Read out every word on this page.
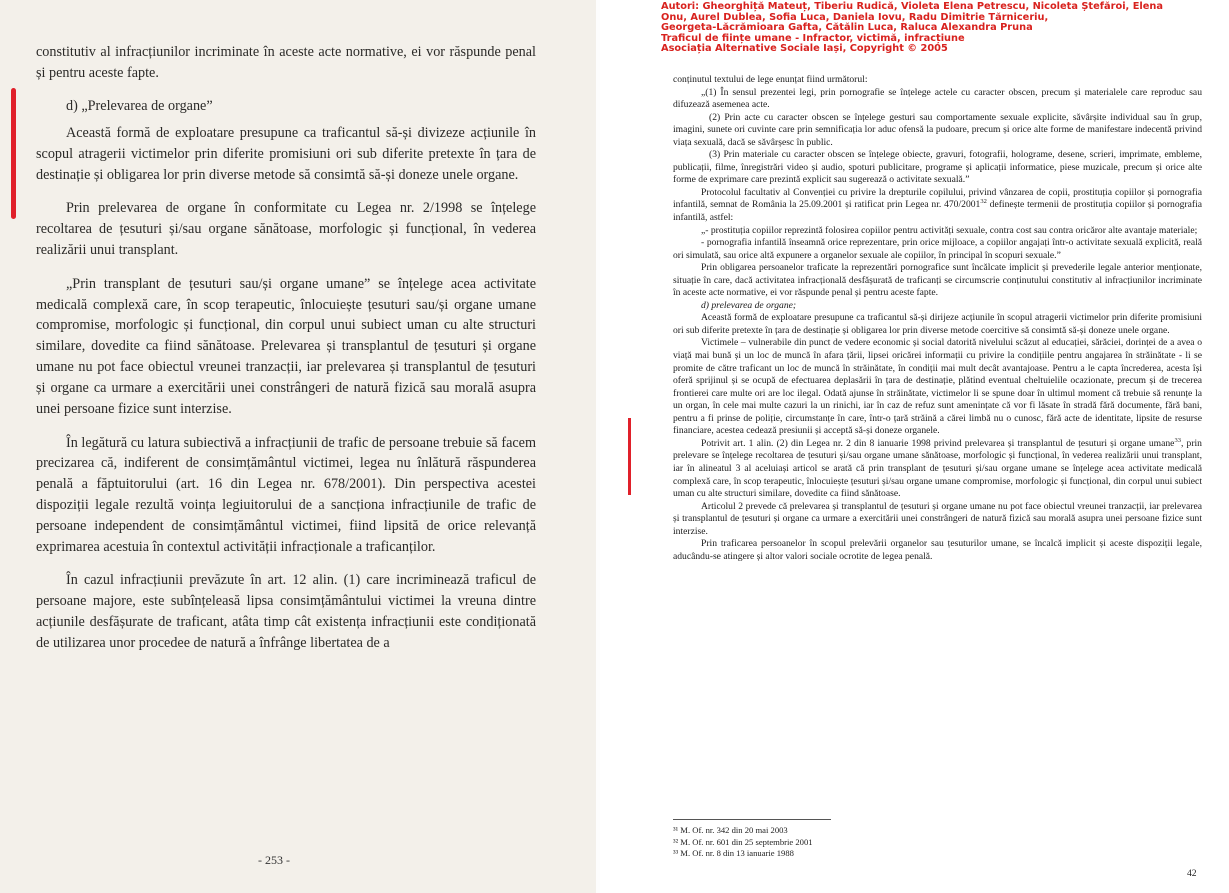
constitutiv al infracțiunilor incriminate în aceste acte normative, ei vor răspunde penal și pentru aceste fapte.

d) „Prelevarea de organe”

Această formă de exploatare presupune ca traficantul să-și divizeze acțiunile în scopul atragerii victimelor prin diferite promisiuni ori sub diferite pretexte în țara de destinație și obligarea lor prin diverse metode să consimtă să-și doneze unele organe.

Prin prelevarea de organe în conformitate cu Legea nr. 2/1998 se înțelege recoltarea de țesuturi și/sau organe sănătoase, morfologic și funcțional, în vederea realizării unui transplant.

„Prin transplant de țesuturi sau/și organe umane” se înțelege acea activitate medicală complexă care, în scop terapeutic, înlocuiește țesuturi sau/și organe umane compromise, morfologic și funcțional, din corpul unui subiect uman cu alte structuri similare, dovedite ca fiind sănătoase. Prelevarea și transplantul de țesuturi și organe umane nu pot face obiectul vreunei tranzacții, iar prelevarea și transplantul de țesuturi și organe ca urmare a exercitării unei constrângeri de natură fizică sau morală asupra unei persoane fizice sunt interzise.

În legătură cu latura subiectivă a infracțiunii de trafic de persoane trebuie să facem precizarea că, indiferent de consimțământul victimei, legea nu înlătură răspunderea penală a făptuitorului (art. 16 din Legea nr. 678/2001). Din perspectiva acestei dispoziții legale rezultă voința legiuitorului de a sancționa infracțiunile de trafic de persoane independent de consimțământul victimei, fiind lipsită de orice relevanță exprimarea acestuia în contextul activității infracționale a traficanților.

În cazul infracțiunii prevăzute în art. 12 alin. (1) care incriminează traficul de persoane majore, este subînțeleasă lipsa consimțământului victimei la vreuna dintre acțiunile desfășurate de traficant, atâta timp cât existența infracțiunii este condiționată de utilizarea unor procedee de natură a înfrânge libertatea de a

- 253 -
Autori: Gheorghiță Mateuț, Tiberiu Rudică, Violeta Elena Petrescu, Nicoleta Ștefăroi, Elena
Onu, Aurel Dublea, Sofia Luca, Daniela Iovu, Radu Dimitrie Tărniceriu,
Georgeta-Lăcrămioara Gafta, Cătălin Luca, Raluca Alexandra Pruna
Traficul de ființe umane - Infractor, victimă, infracțiune
Asociația Alternative Sociale Iași, Copyright © 2005
conținutul textului de lege enunțat fiind următorul:
„(1) În sensul prezentei legi, prin pornografie se înțelege actele cu caracter obscen, precum și materialele care reproduc sau difuzează asemenea acte.
(2) Prin acte cu caracter obscen se înțelege gesturi sau comportamente sexuale explicite, săvârșite individual sau în grup, imagini, sunete ori cuvinte care prin semnificația lor aduc ofensă la pudoare, precum și orice alte forme de manifestare indecentă privind viața sexuală, dacă se săvârșesc în public.
(3) Prin materiale cu caracter obscen se înțelege obiecte, gravuri, fotografii, holograme, desene, scrieri, imprimate, embleme, publicații, filme, înregistrări video și audio, spoturi publicitare, programe și aplicații informatice, piese muzicale, precum și orice alte forme de exprimare care prezintă explicit sau sugerează o activitate sexuală.”
Protocolul facultativ al Convenției cu privire la drepturile copilului, privind vânzarea de copii, prostituția copiilor și pornografia infantilă, semnat de România la 25.09.2001 și ratificat prin Legea nr. 470/2001$^{32}$ definește termenii de prostituția copiilor și pornografia infantilă, astfel:
„- prostituția copiilor reprezintă folosirea copiilor pentru activități sexuale, contra cost sau contra oricăror alte avantaje materiale;
- pornografia infantilă înseamnă orice reprezentare, prin orice mijloace, a copiilor angajați într-o activitate sexuală explicită, reală ori simulată, sau orice altă expunere a organelor sexuale ale copiilor, în principal în scopuri sexuale.”
Prin obligarea persoanelor traficate la reprezentări pornografice sunt încălcate implicit și prevederile legale anterior menționate, situație în care, dacă activitatea infracțională desfășurată de traficanți se circumscrie conținutului constitutiv al infracțiunilor incriminate în aceste acte normative, ei vor răspunde penal și pentru aceste fapte.
d) prelevarea de organe;
Această formă de exploatare presupune ca traficantul să-și dirijeze acțiunile în scopul atragerii victimelor prin diferite promisiuni ori sub diferite pretexte în țara de destinație și obligarea lor prin diverse metode coercitive să consimtă să-și doneze unele organe.
Victimele – vulnerabile din punct de vedere economic și social datorită nivelului scăzut al educației, sărăciei, dorinței de a avea o viață mai bună și un loc de muncă în afara țării, lipsei oricărei informații cu privire la condițiile pentru angajarea în străinătate - li se promite de către traficant un loc de muncă în străinătate, în condiții mai mult decât avantajoase. Pentru a le capta încrederea, acesta își oferă sprijinul și se ocupă de efectuarea deplasării în țara de destinație, plătind eventual cheltuielile ocazionate, precum și de trecerea frontierei care multe ori are loc ilegal. Odată ajunse în străinătate, victimelor li se spune doar în ultimul moment că trebuie să renunțe la un organ, în cele mai multe cazuri la un rinichi, iar în caz de refuz sunt amenințate că vor fi lăsate în stradă fără documente, fără bani, pentru a fi prinse de poliție, circumstanțe în care, într-o țară străină a cărei limbă nu o cunosc, fără acte de identitate, lipsite de resurse financiare, acestea cedează presiunii și acceptă să-și doneze organele.
Potrivit art. 1 alin. (2) din Legea nr. 2 din 8 ianuarie 1998 privind prelevarea și transplantul de țesuturi și organe umane$^{33}$, prin prelevare se înțelege recoltarea de țesuturi și/sau organe umane sănătoase, morfologic și funcțional, în vederea realizării unui transplant, iar în alineatul 3 al aceluiași articol se arată că prin transplant de țesuturi și/sau organe umane se înțelege acea activitate medicală complexă care, în scop terapeutic, înlocuiește țesuturi și/sau organe umane compromise, morfologic și funcțional, din corpul unui subiect uman cu alte structuri similare, dovedite ca fiind sănătoase.
Articolul 2 prevede că prelevarea și transplantul de țesuturi și organe umane nu pot face obiectul vreunei tranzacții, iar prelevarea și transplantul de țesuturi și organe ca urmare a exercitării unei constrângeri de natură fizică sau morală asupra unei persoane fizice sunt interzise.
Prin traficarea persoanelor în scopul prelevării organelor sau țesuturilor umane, se încalcă implicit și aceste dispoziții legale, aducându-se atingere și altor valori sociale ocrotite de legea penală.
³¹ M. Of. nr. 342 din 20 mai 2003
³² M. Of. nr. 601 din 25 septembrie 2001
³³ M. Of. nr. 8 din 13 ianuarie 1988
42
